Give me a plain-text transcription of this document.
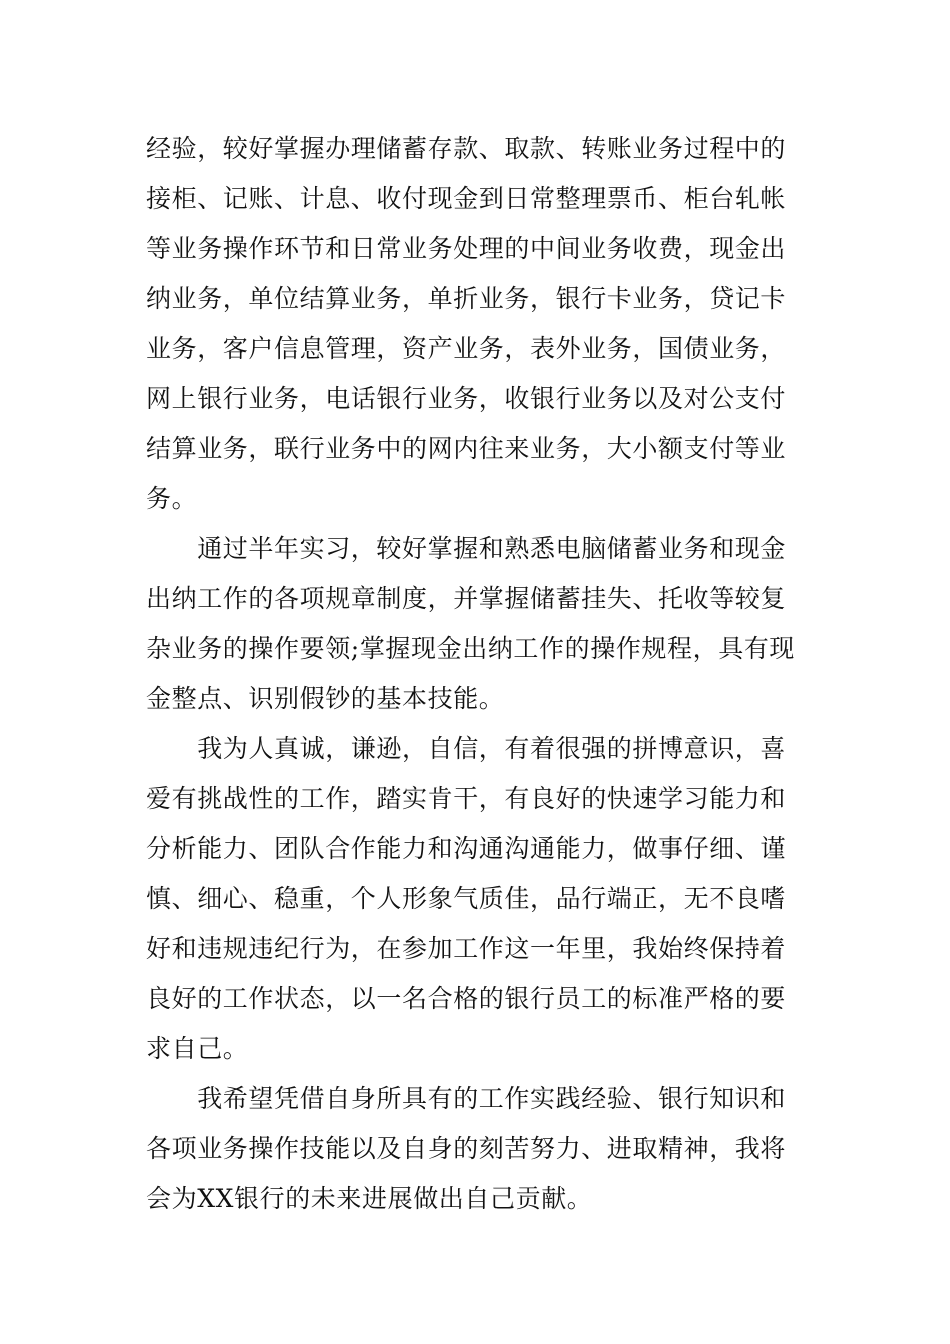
经验，较好掌握办理储蓄存款、取款、转账业务过程中的
接柜、记账、计息、收付现金到日常整理票币、柜台轧帐
等业务操作环节和日常业务处理的中间业务收费，现金出
纳业务，单位结算业务，单折业务，银行卡业务，贷记卡
业务，客户信息管理，资产业务，表外业务，国债业务，
网上银行业务，电话银行业务，收银行业务以及对公支付
结算业务，联行业务中的网内往来业务，大小额支付等业
务。
　　通过半年实习，较好掌握和熟悉电脑储蓄业务和现金
出纳工作的各项规章制度，并掌握储蓄挂失、托收等较复
杂业务的操作要领;掌握现金出纳工作的操作规程，具有现
金整点、识别假钞的基本技能。
　　我为人真诚，谦逊，自信，有着很强的拼博意识，喜
爱有挑战性的工作，踏实肯干，有良好的快速学习能力和
分析能力、团队合作能力和沟通沟通能力，做事仔细、谨
慎、细心、稳重，个人形象气质佳，品行端正，无不良嗜
好和违规违纪行为，在参加工作这一年里，我始终保持着
良好的工作状态，以一名合格的银行员工的标准严格的要
求自己。
　　我希望凭借自身所具有的工作实践经验、银行知识和
各项业务操作技能以及自身的刻苦努力、进取精神，我将
会为XX银行的未来进展做出自己贡献。
